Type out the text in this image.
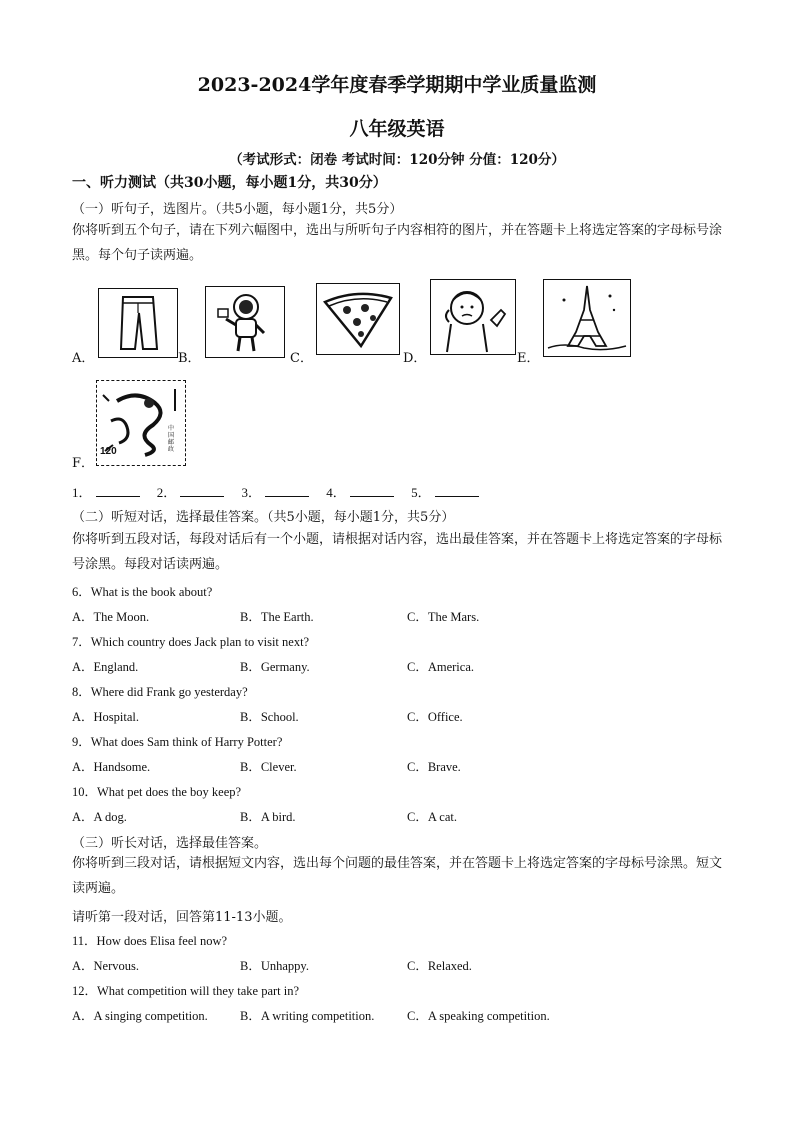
2023-2024学年度春季学期期中学业质量监测
八年级英语
（考试形式：闭卷 考试时间：120分钟 分值：120分）
一、听力测试（共30小题，每小题1分，共30分）
（一）听句子，选图片。（共5小题，每小题1分，共5分）
你将听到五个句子，请在下列六幅图中，选出与所听句子内容相符的图片，并在答题卡上将选定答案的字母标号涂黑。每个句子读两遍。
A．	B．	C．	D．	E．
F．
120
中国邮政
1．	2．	3．	4．	5．
（二）听短对话，选择最佳答案。（共5小题，每小题1分，共5分）
你将听到五段对话，每段对话后有一个小题，请根据对话内容，选出最佳答案，并在答题卡上将选定答案的字母标号涂黑。每段对话读两遍。
6．What is the book about?
A．The Moon.	B．The Earth.	C．The Mars.
7．Which country does Jack plan to visit next?
A．England.	B．Germany.	C．America.
8．Where did Frank go yesterday?
A．Hospital.	B．School.	C．Office.
9．What does Sam think of Harry Potter?
A．Handsome.	B．Clever.	C．Brave.
10．What pet does the boy keep?
A．A dog.	B．A bird.	C．A cat.
（三）听长对话，选择最佳答案。
你将听到三段对话，请根据短文内容，选出每个问题的最佳答案，并在答题卡上将选定答案的字母标号涂黑。短文读两遍。
请听第一段对话，回答第11-13小题。
11．How does Elisa feel now?
A．Nervous.	B．Unhappy.	C．Relaxed.
12．What competition will they take part in?
A．A singing competition.	B．A writing competition.	C．A speaking competition.
